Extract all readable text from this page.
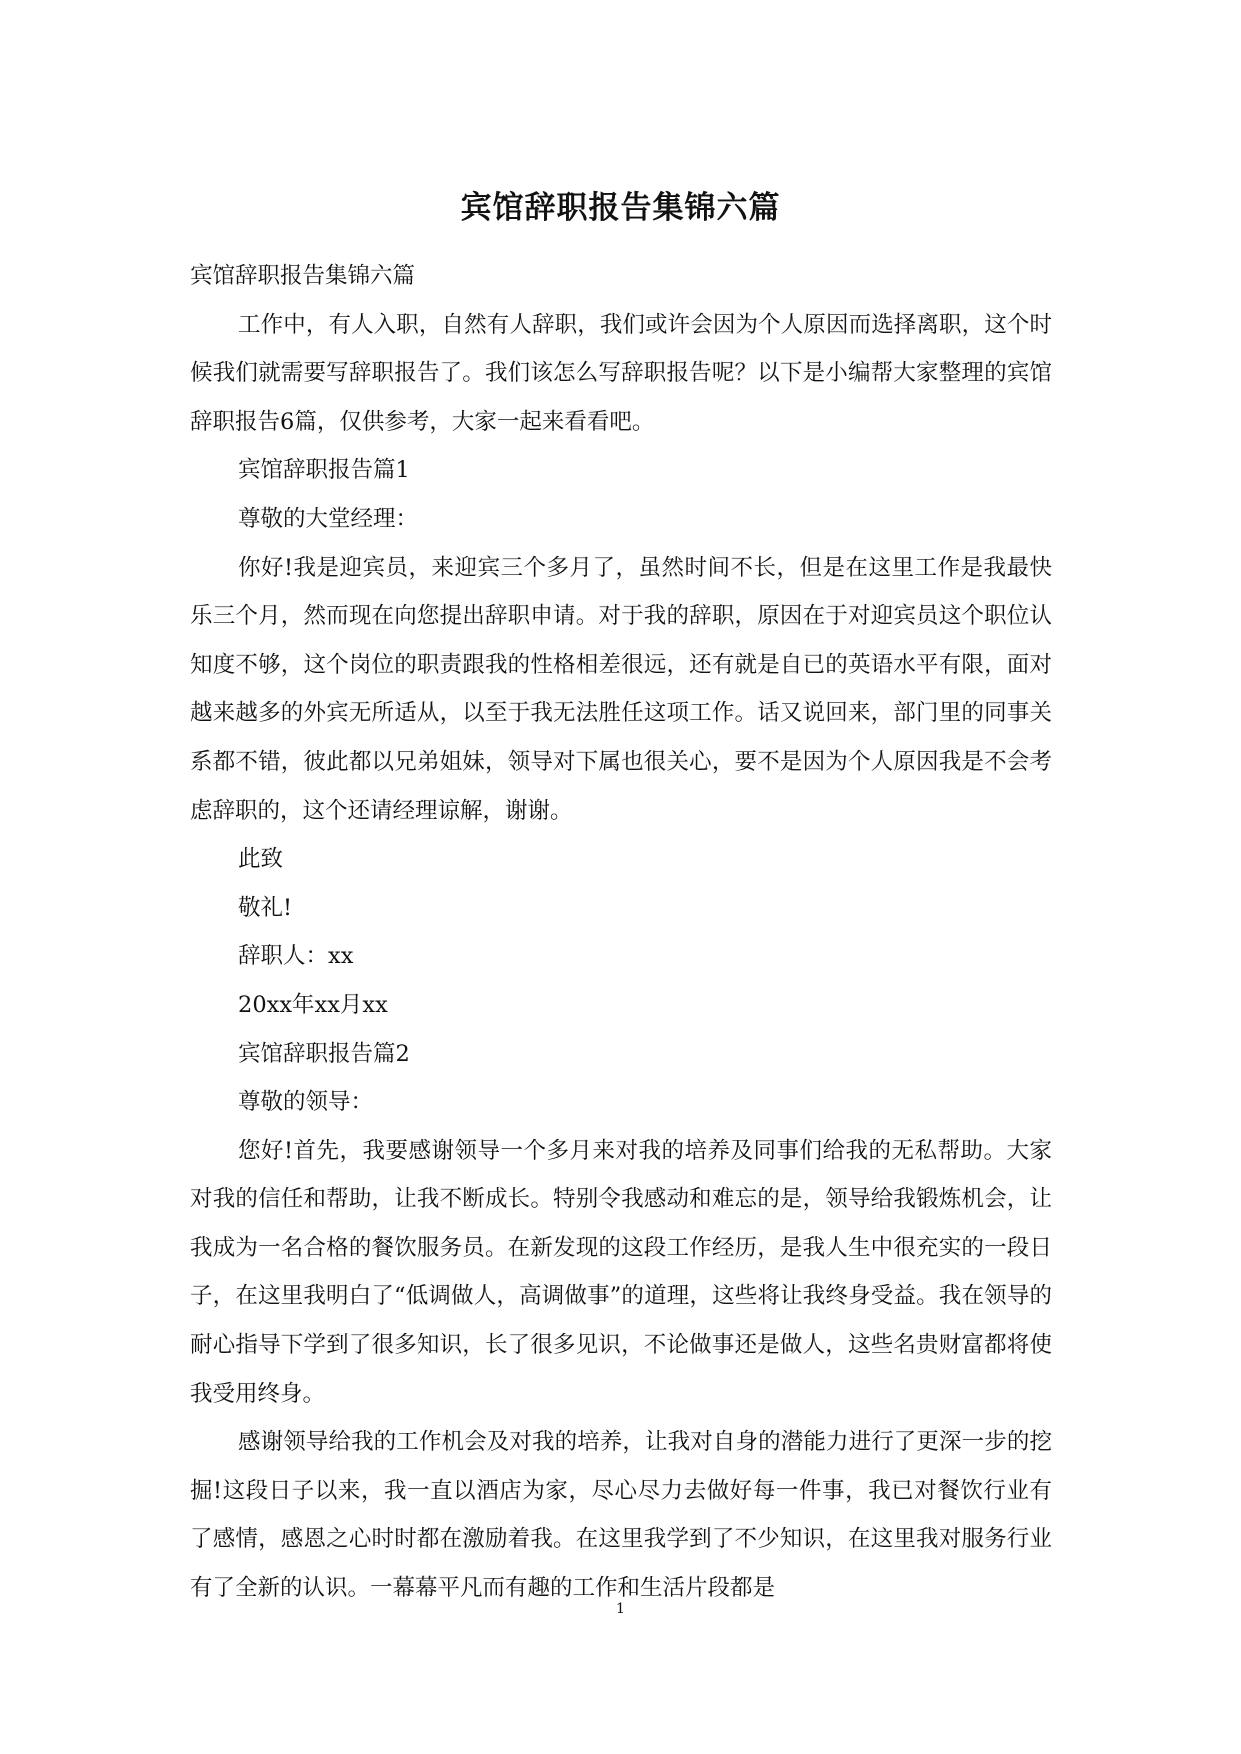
宾馆辞职报告集锦六篇

宾馆辞职报告集锦六篇

工作中，有人入职，自然有人辞职，我们或许会因为个人原因而选择离职，这个时候我们就需要写辞职报告了。我们该怎么写辞职报告呢？以下是小编帮大家整理的宾馆辞职报告6篇，仅供参考，大家一起来看看吧。

宾馆辞职报告篇1

尊敬的大堂经理：

你好!我是迎宾员，来迎宾三个多月了，虽然时间不长，但是在这里工作是我最快乐三个月，然而现在向您提出辞职申请。对于我的辞职，原因在于对迎宾员这个职位认知度不够，这个岗位的职责跟我的性格相差很远，还有就是自已的英语水平有限，面对越来越多的外宾无所适从，以至于我无法胜任这项工作。话又说回来，部门里的同事关系都不错，彼此都以兄弟姐妹，领导对下属也很关心，要不是因为个人原因我是不会考虑辞职的，这个还请经理谅解，谢谢。

此致

敬礼!

辞职人：xx

20xx年xx月xx

宾馆辞职报告篇2

尊敬的领导：

您好!首先，我要感谢领导一个多月来对我的培养及同事们给我的无私帮助。大家对我的信任和帮助，让我不断成长。特别令我感动和难忘的是，领导给我锻炼机会，让我成为一名合格的餐饮服务员。在新发现的这段工作经历，是我人生中很充实的一段日子，在这里我明白了“低调做人，高调做事”的道理，这些将让我终身受益。我在领导的耐心指导下学到了很多知识，长了很多见识，不论做事还是做人，这些名贵财富都将使我受用终身。

感谢领导给我的工作机会及对我的培养，让我对自身的潜能力进行了更深一步的挖掘!这段日子以来，我一直以酒店为家，尽心尽力去做好每一件事，我已对餐饮行业有了感情，感恩之心时时都在激励着我。在这里我学到了不少知识，在这里我对服务行业有了全新的认识。一幕幕平凡而有趣的工作和生活片段都是

1
